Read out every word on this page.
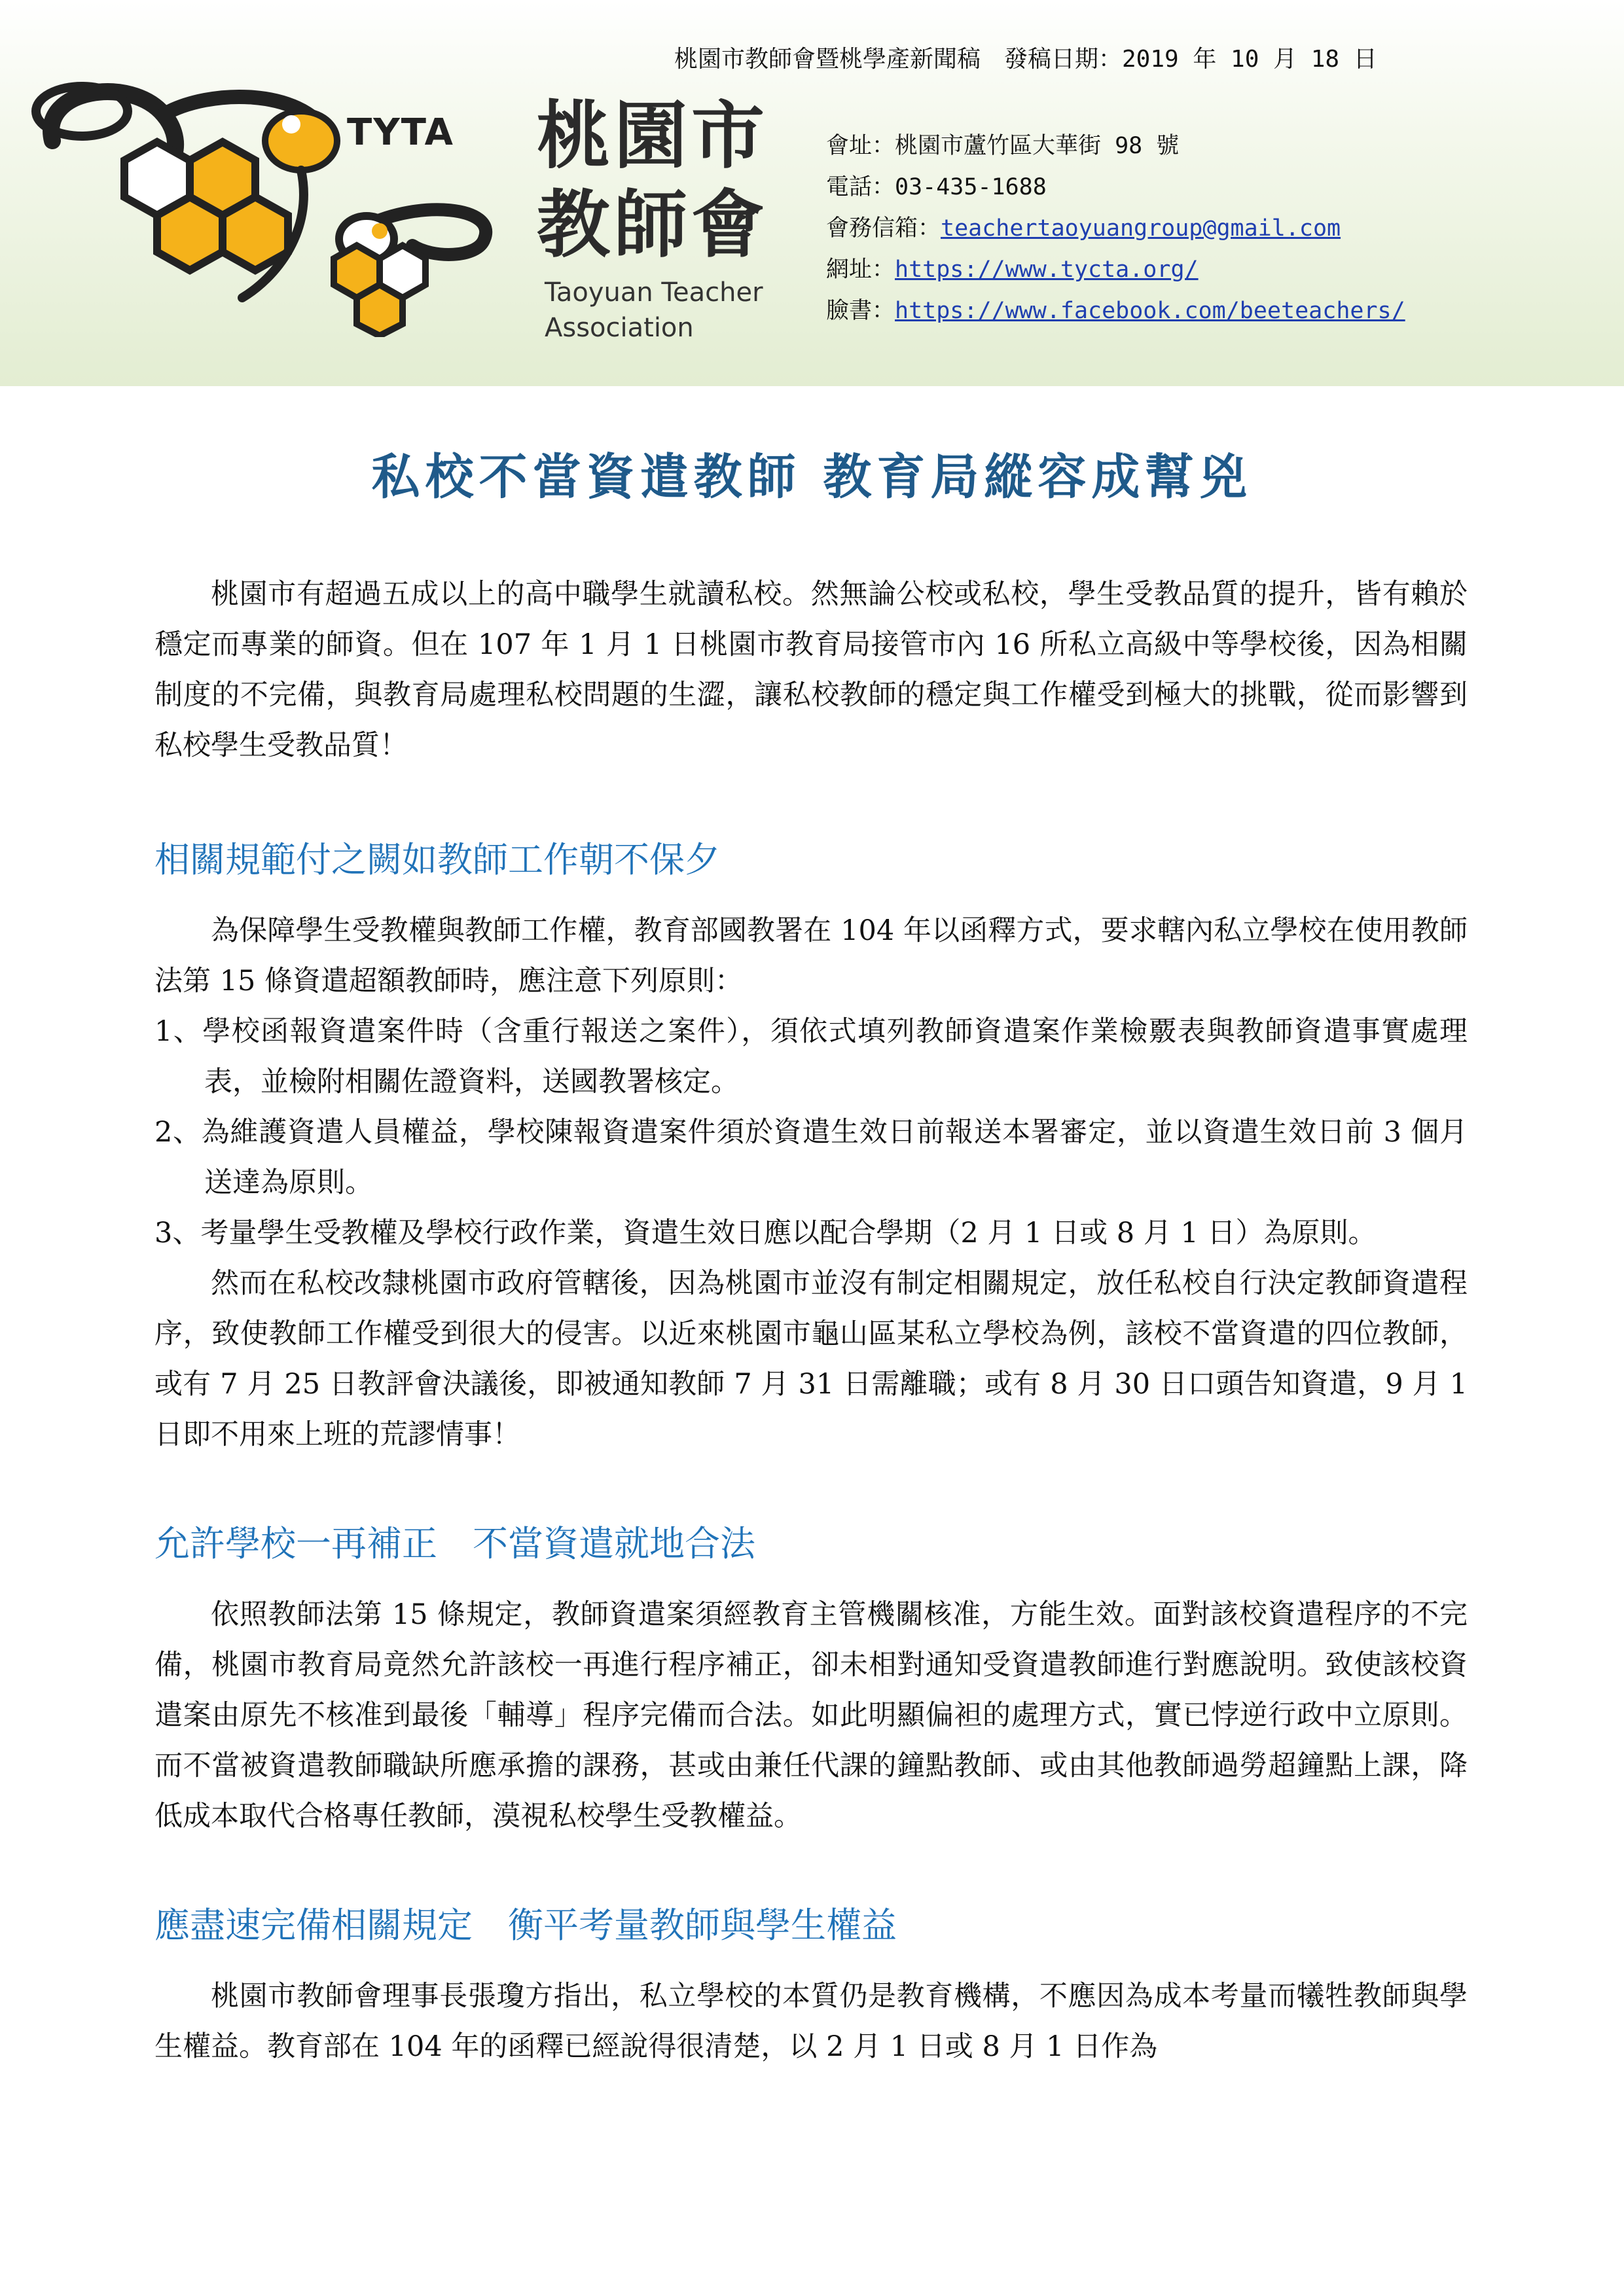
桃園市教師會暨桃學產新聞稿　發稿日期：2019 年 10 月 18 日
TYTA 桃園市
教師會
Taoyuan Teacher
Association
會址：桃園市蘆竹區大華街 98 號
電話：03-435-1688
會務信箱：teachertaoyuangroup@gmail.com
網址：https://www.tycta.org/
臉書：https://www.facebook.com/beeteachers/
私校不當資遣教師 教育局縱容成幫兇

桃園市有超過五成以上的高中職學生就讀私校。然無論公校或私校，學生受教品質的提升，皆有賴於穩定而專業的師資。但在 107 年 1 月 1 日桃園市教育局接管市內 16 所私立高級中等學校後，因為相關制度的不完備，與教育局處理私校問題的生澀，讓私校教師的穩定與工作權受到極大的挑戰，從而影響到私校學生受教品質！

相關規範付之闕如教師工作朝不保夕

為保障學生受教權與教師工作權，教育部國教署在 104 年以函釋方式，要求轄內私立學校在使用教師法第 15 條資遣超額教師時，應注意下列原則：

1、學校函報資遣案件時（含重行報送之案件），須依式填列教師資遣案作業檢覈表與教師資遣事實處理表，並檢附相關佐證資料，送國教署核定。

2、為維護資遣人員權益，學校陳報資遣案件須於資遣生效日前報送本署審定，並以資遣生效日前 3 個月送達為原則。

3、考量學生受教權及學校行政作業，資遣生效日應以配合學期（2 月 1 日或 8 月 1 日）為原則。

然而在私校改隸桃園市政府管轄後，因為桃園市並沒有制定相關規定，放任私校自行決定教師資遣程序，致使教師工作權受到很大的侵害。以近來桃園市龜山區某私立學校為例，該校不當資遣的四位教師，或有 7 月 25 日教評會決議後，即被通知教師 7 月 31 日需離職；或有 8 月 30 日口頭告知資遣，9 月 1 日即不用來上班的荒謬情事！

允許學校一再補正　不當資遣就地合法

依照教師法第 15 條規定，教師資遣案須經教育主管機關核准，方能生效。面對該校資遣程序的不完備，桃園市教育局竟然允許該校一再進行程序補正，卻未相對通知受資遣教師進行對應說明。致使該校資遣案由原先不核准到最後「輔導」程序完備而合法。如此明顯偏袒的處理方式，實已悖逆行政中立原則。而不當被資遣教師職缺所應承擔的課務，甚或由兼任代課的鐘點教師、或由其他教師過勞超鐘點上課，降低成本取代合格專任教師，漠視私校學生受教權益。

應盡速完備相關規定　衡平考量教師與學生權益

桃園市教師會理事長張瓊方指出，私立學校的本質仍是教育機構，不應因為成本考量而犧牲教師與學生權益。教育部在 104 年的函釋已經說得很清楚，以 2 月 1 日或 8 月 1 日作為
